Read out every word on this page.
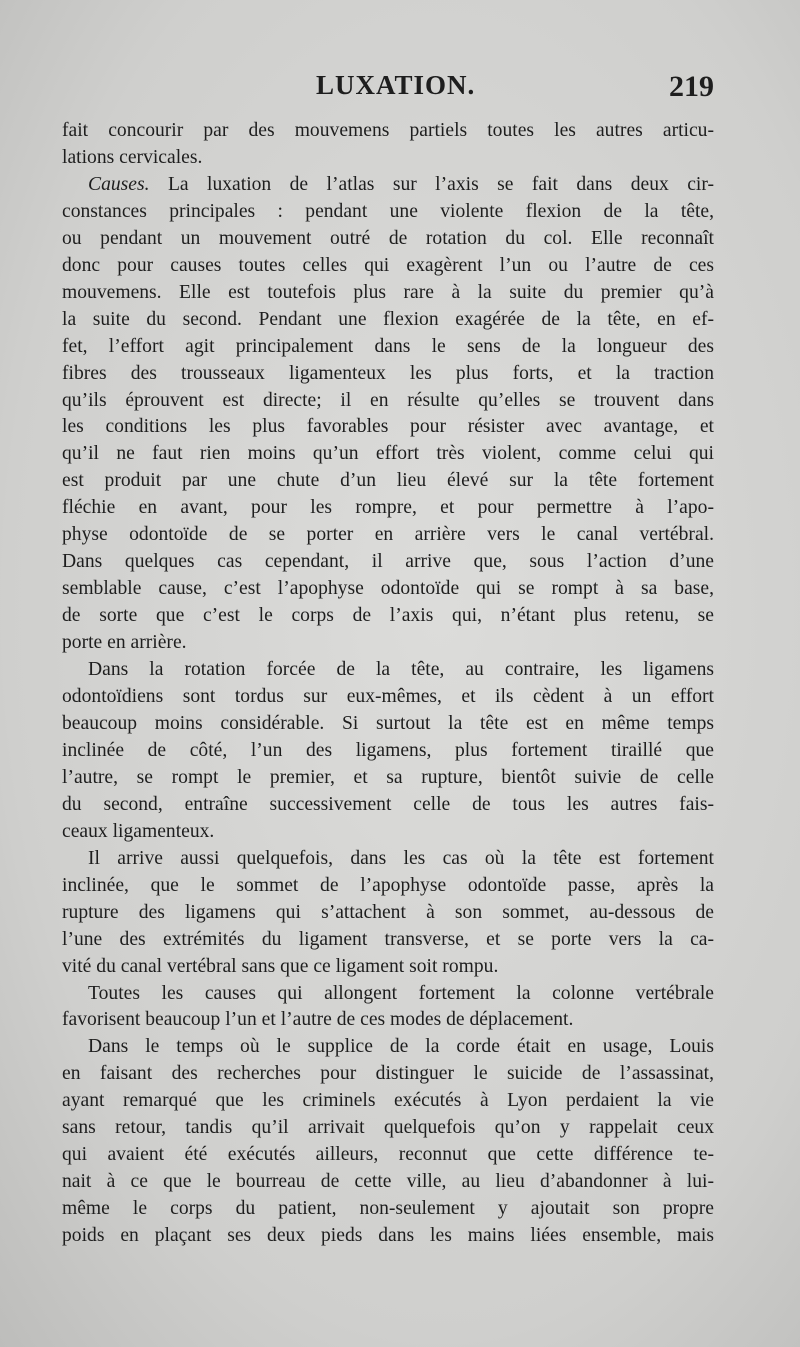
LUXATION.	219

fait concourir par des mouvemens partiels toutes les autres articu-

lations cervicales.

Causes. La luxation de l’atlas sur l’axis se fait dans deux cir-

constances principales : pendant une violente flexion de la tête,

ou pendant un mouvement outré de rotation du col. Elle reconnaît

donc pour causes toutes celles qui exagèrent l’un ou l’autre de ces

mouvemens. Elle est toutefois plus rare à la suite du premier qu’à

la suite du second. Pendant une flexion exagérée de la tête, en ef-

fet, l’effort agit principalement dans le sens de la longueur des

fibres des trousseaux ligamenteux les plus forts, et la traction

qu’ils éprouvent est directe; il en résulte qu’elles se trouvent dans

les conditions les plus favorables pour résister avec avantage, et

qu’il ne faut rien moins qu’un effort très violent, comme celui qui

est produit par une chute d’un lieu élevé sur la tête fortement

fléchie en avant, pour les rompre, et pour permettre à l’apo-

physe odontoïde de se porter en arrière vers le canal vertébral.

Dans quelques cas cependant, il arrive que, sous l’action d’une

semblable cause, c’est l’apophyse odontoïde qui se rompt à sa base,

de sorte que c’est le corps de l’axis qui, n’étant plus retenu, se

porte en arrière.

Dans la rotation forcée de la tête, au contraire, les ligamens

odontoïdiens sont tordus sur eux-mêmes, et ils cèdent à un effort

beaucoup moins considérable. Si surtout la tête est en même temps

inclinée de côté, l’un des ligamens, plus fortement tiraillé que

l’autre, se rompt le premier, et sa rupture, bientôt suivie de celle

du second, entraîne successivement celle de tous les autres fais-

ceaux ligamenteux.

Il arrive aussi quelquefois, dans les cas où la tête est fortement

inclinée, que le sommet de l’apophyse odontoïde passe, après la

rupture des ligamens qui s’attachent à son sommet, au-dessous de

l’une des extrémités du ligament transverse, et se porte vers la ca-

vité du canal vertébral sans que ce ligament soit rompu.

Toutes les causes qui allongent fortement la colonne vertébrale

favorisent beaucoup l’un et l’autre de ces modes de déplacement.

Dans le temps où le supplice de la corde était en usage, Louis

en faisant des recherches pour distinguer le suicide de l’assassinat,

ayant remarqué que les criminels exécutés à Lyon perdaient la vie

sans retour, tandis qu’il arrivait quelquefois qu’on y rappelait ceux

qui avaient été exécutés ailleurs, reconnut que cette différence te-

nait à ce que le bourreau de cette ville, au lieu d’abandonner à lui-

même le corps du patient, non-seulement y ajoutait son propre

poids en plaçant ses deux pieds dans les mains liées ensemble, mais
